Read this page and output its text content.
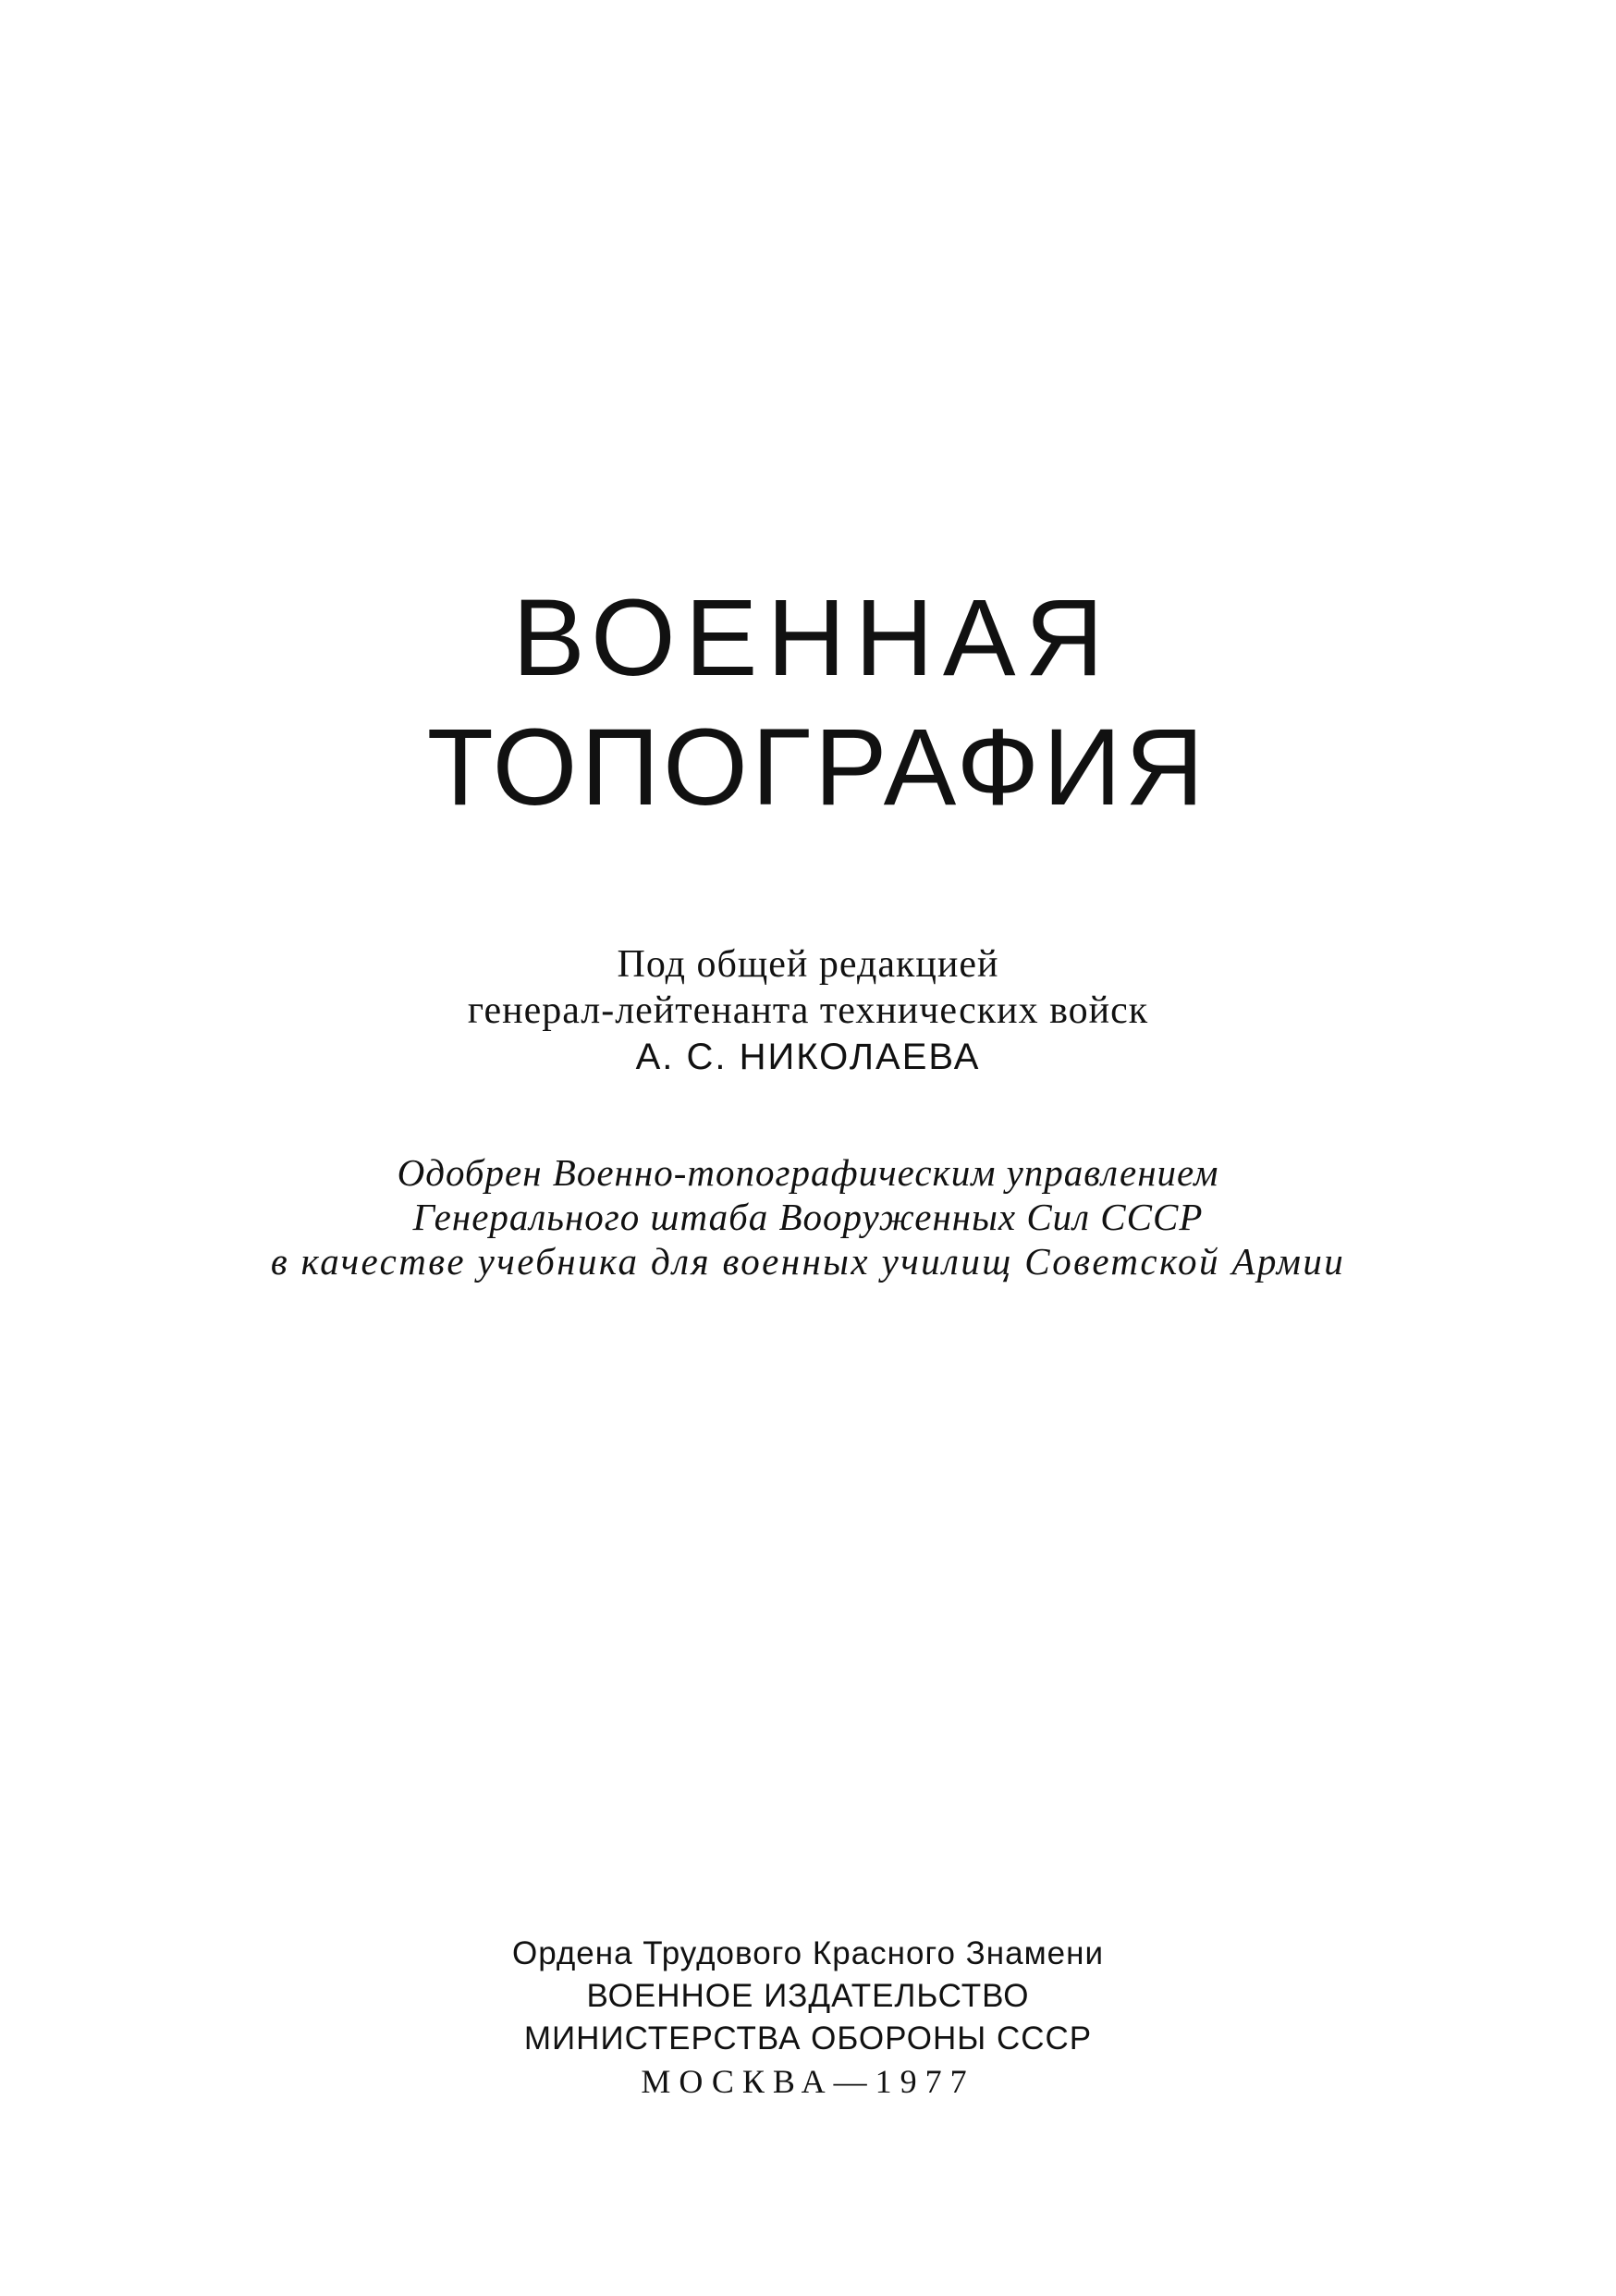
ВОЕННАЯ
ТОПОГРАФИЯ
Под общей редакцией
генерал-лейтенанта технических войск
А. С. НИКОЛАЕВА
Одобрен Военно-топографическим управлением
Генерального штаба Вооруженных Сил СССР
в качестве учебника для военных училищ Советской Армии
Ордена Трудового Красного Знамени
ВОЕННОЕ ИЗДАТЕЛЬСТВО
МИНИСТЕРСТВА ОБОРОНЫ СССР
МОСКВА—1977
